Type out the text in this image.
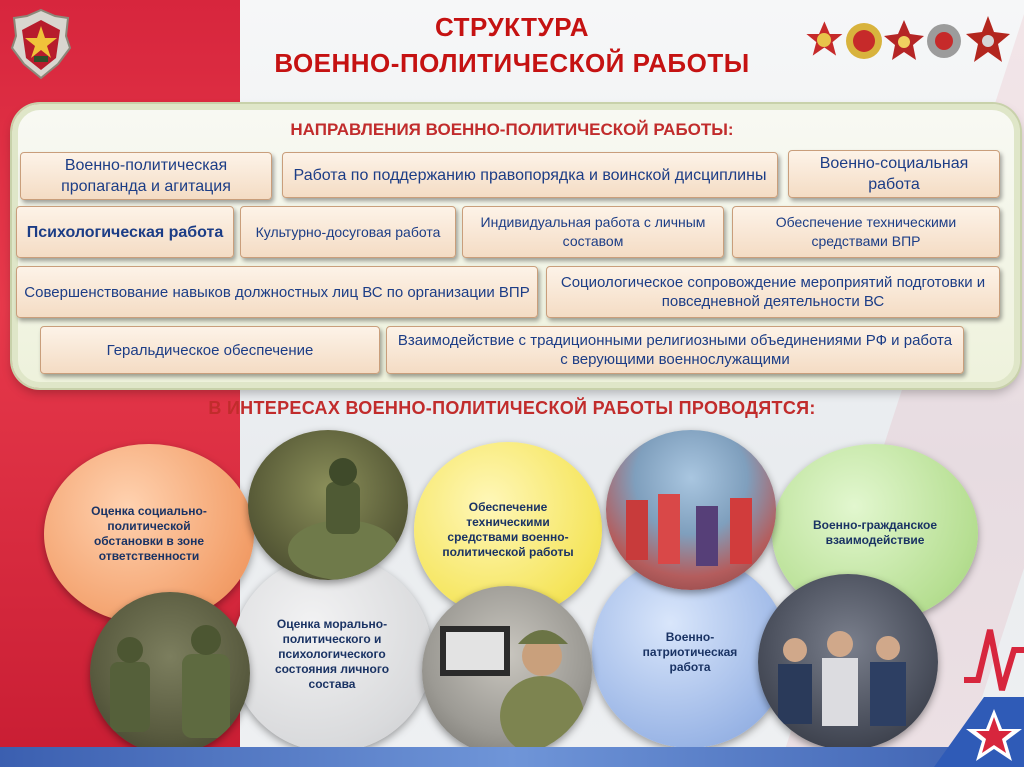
СТРУКТУРА
ВОЕННО-ПОЛИТИЧЕСКОЙ РАБОТЫ
НАПРАВЛЕНИЯ ВОЕННО-ПОЛИТИЧЕСКОЙ РАБОТЫ:
Военно-политическая пропаганда и агитация
Работа по поддержанию правопорядка и воинской дисциплины
Военно-социальная работа
Психологическая работа	Культурно-досуговая работа
Индивидуальная работа с личным составом
Обеспечение техническими средствами ВПР
Совершенствование навыков должностных лиц ВС по организации ВПР
Социологическое сопровождение мероприятий подготовки и повседневной деятельности ВС
Геральдическое обеспечение
Взаимодействие с традиционными религиозными объединениями РФ и работа с верующими военнослужащими
В ИНТЕРЕСАХ ВОЕННО-ПОЛИТИЧЕСКОЙ РАБОТЫ ПРОВОДЯТСЯ:
Оценка социально-политической обстановки в зоне ответственности
Обеспечение техническими средствами военно-политической работы
Военно-гражданское взаимодействие
Оценка морально-политического и психологического состояния личного состава
Военно-патриотическая работа
